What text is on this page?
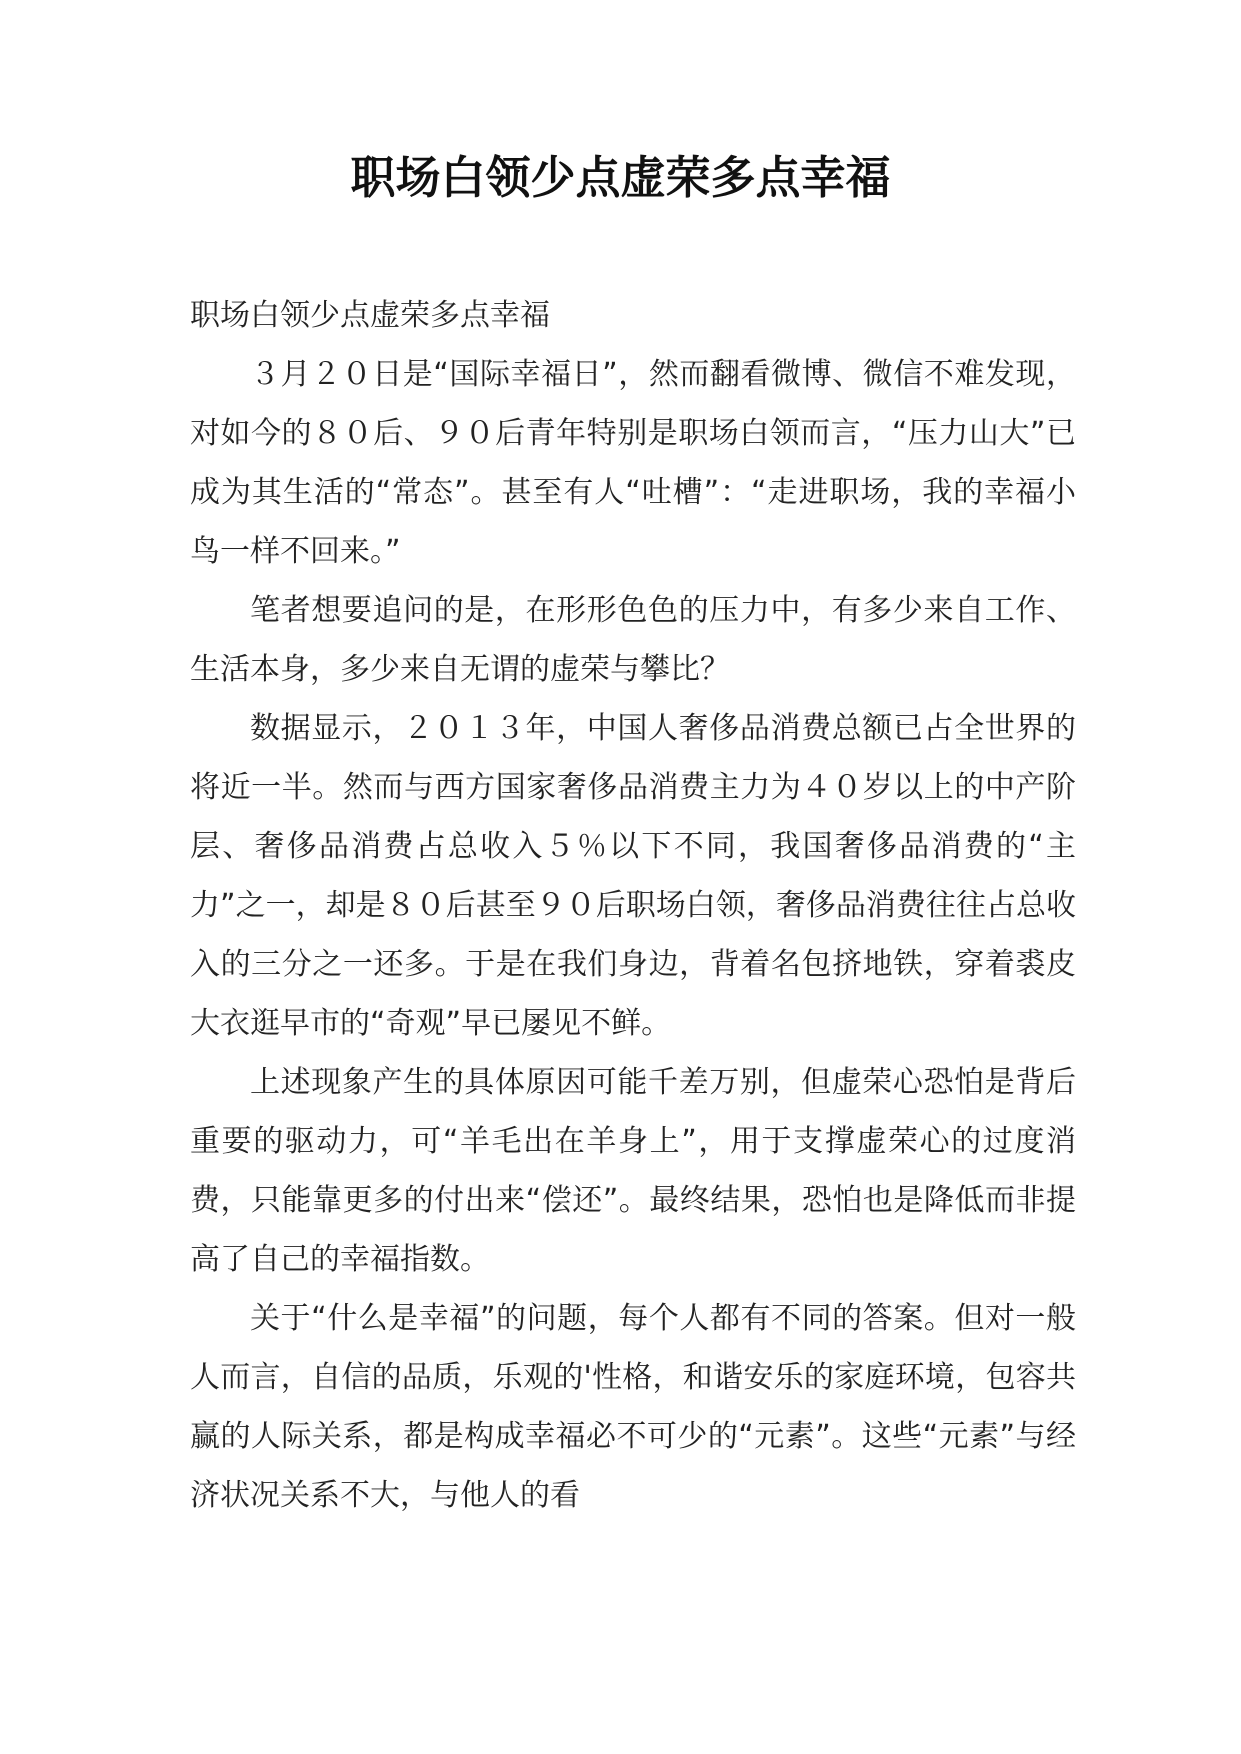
职场白领少点虚荣多点幸福

职场白领少点虚荣多点幸福

３月２０日是“国际幸福日”，然而翻看微博、微信不难发现，对如今的８０后、９０后青年特别是职场白领而言，“压力山大”已成为其生活的“常态”。甚至有人“吐槽”：“走进职场，我的幸福小鸟一样不回来。”

笔者想要追问的是，在形形色色的压力中，有多少来自工作、生活本身，多少来自无谓的虚荣与攀比？

数据显示，２０１３年，中国人奢侈品消费总额已占全世界的将近一半。然而与西方国家奢侈品消费主力为４０岁以上的中产阶层、奢侈品消费占总收入５％以下不同，我国奢侈品消费的“主力”之一，却是８０后甚至９０后职场白领，奢侈品消费往往占总收入的三分之一还多。于是在我们身边，背着名包挤地铁，穿着裘皮大衣逛早市的“奇观”早已屡见不鲜。

上述现象产生的具体原因可能千差万别，但虚荣心恐怕是背后重要的驱动力，可“羊毛出在羊身上”，用于支撑虚荣心的过度消费，只能靠更多的付出来“偿还”。最终结果，恐怕也是降低而非提高了自己的幸福指数。

关于“什么是幸福”的问题，每个人都有不同的答案。但对一般人而言，自信的品质，乐观的'性格，和谐安乐的家庭环境，包容共赢的人际关系，都是构成幸福必不可少的“元素”。这些“元素”与经济状况关系不大，与他人的看
